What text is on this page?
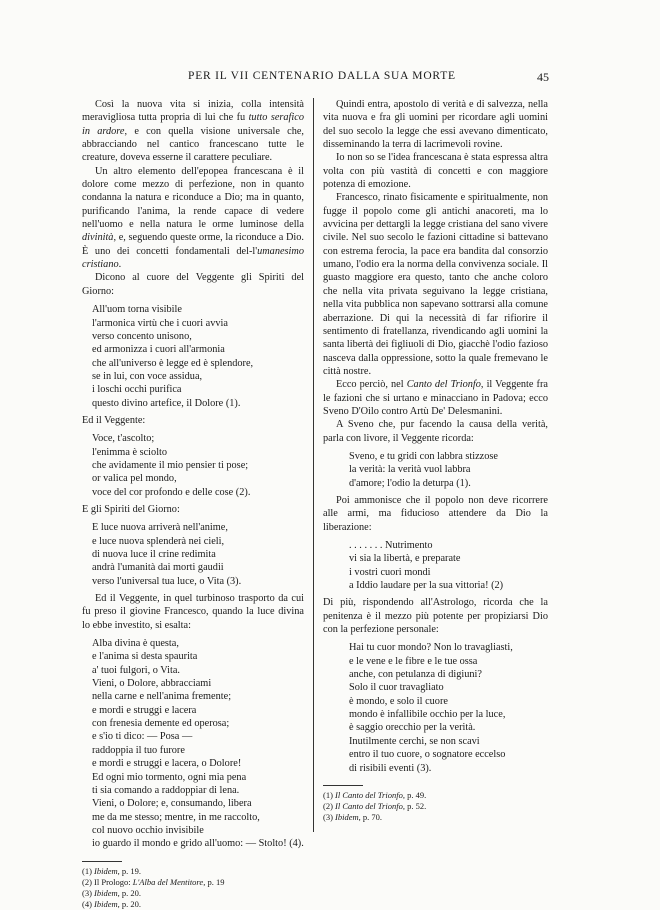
PER IL VII CENTENARIO DALLA SUA MORTE	45

Così la nuova vita si inizia, colla intensità meravigliosa tutta propria di lui che fu tutto serafico in ardore, e con quella visione universale che, abbracciando nel cantico francescano tutte le creature, doveva esserne il carattere peculiare.

Un altro elemento dell'epopea francescana è il dolore come mezzo di perfezione, non in quanto condanna la natura e riconduce a Dio; ma in quanto, purificando l'anima, la rende capace di vedere nell'uomo e nella natura le orme luminose della divinità, e, seguendo queste orme, la riconduce a Dio. È uno dei concetti fondamentali del-l'umanesimo cristiano.

Dicono al cuore del Veggente gli Spiriti del Giorno:

All'uom torna visibile
l'armonica virtù che i cuori avvia
verso concento unisono,
ed armonizza i cuori all'armonia
che all'universo è legge ed è splendore,
se in lui, con voce assidua,
i loschi occhi purifica
questo divino artefice, il Dolore (1).

Ed il Veggente:

Voce, t'ascolto;
l'enimma è sciolto
che avidamente il mio pensier ti pose;
or valica pel mondo,
voce del cor profondo e delle cose (2).

E gli Spiriti del Giorno:

E luce nuova arriverà nell'anime,
e luce nuova splenderà nei cieli,
di nuova luce il crine redimita
andrà l'umanità dai morti gaudii
verso l'universal tua luce, o Vita (3).

Ed il Veggente, in quel turbinoso trasporto da cui fu preso il giovine Francesco, quando la luce divina lo ebbe investito, si esalta:

Alba divina è questa,
e l'anima si desta spaurita
a' tuoi fulgori, o Vita.
Vieni, o Dolore, abbracciami
nella carne e nell'anima fremente;
e mordi e struggi e lacera
con frenesia demente ed operosa;
e s'io ti dico: — Posa —
raddoppia il tuo furore
e mordi e struggi e lacera, o Dolore!
Ed ogni mio tormento, ogni mia pena
ti sia comando a raddoppiar di lena.
Vieni, o Dolore; e, consumando, libera
me da me stesso; mentre, in me raccolto,
col nuovo occhio invisibile
io guardo il mondo e grido all'uomo: — Stolto! (4).
(1) Ibidem, p. 19.
(2) Il Prologo: L'Alba del Mentitore, p. 19
(3) Ibidem, p. 20.
(4) Ibidem, p. 20.

Quindi entra, apostolo di verità e di salvezza, nella vita nuova e fra gli uomini per ricordare agli uomini del suo secolo la legge che essi avevano dimenticato, disseminando la terra di lacrimevoli rovine.

Io non so se l'idea francescana è stata espressa altra volta con più vastità di concetti e con maggiore potenza di emozione.

Francesco, rinato fisicamente e spiritualmente, non fugge il popolo come gli antichi anacoreti, ma lo avvicina per dettargli la legge cristiana del sano vivere civile. Nel suo secolo le fazioni cittadine si battevano con estrema ferocia, la pace era bandita dal consorzio umano, l'odio era la norma della convivenza sociale. Il guasto maggiore era questo, tanto che anche coloro che nella vita privata seguivano la legge cristiana, nella vita pubblica non sapevano sottrarsi alla comune aberrazione. Di qui la necessità di far rifiorire il sentimento di fratellanza, rivendicando agli uomini la santa libertà dei figliuoli di Dio, giacchè l'odio fazioso nasceva dalla oppressione, sotto la quale fremevano le città nostre.

Ecco perciò, nel Canto del Trionfo, il Veggente fra le fazioni che si urtano e minacciano in Padova; ecco Sveno D'Oilo contro Artù De' Delesmanini.

A Sveno che, pur facendo la causa della verità, parla con livore, il Veggente ricorda:

Sveno, e tu gridi con labbra stizzose
la verità: la verità vuol labbra
d'amore; l'odio la deturpa (1).

Poi ammonisce che il popolo non deve ricorrere alle armi, ma fiducioso attendere da Dio la liberazione:

. . . . . . . Nutrimento
vi sia la libertà, e preparate
i vostri cuori mondi
a Iddio laudare per la sua vittoria! (2)

Di più, rispondendo all'Astrologo, ricorda che la penitenza è il mezzo più potente per propiziarsi Dio con la perfezione personale:

Hai tu cuor mondo? Non lo travagliasti,
e le vene e le fibre e le tue ossa
anche, con petulanza di digiuni?
Solo il cuor travagliato
è mondo, e solo il cuore
mondo è infallibile occhio per la luce,
è saggio orecchio per la verità.
Inutilmente cerchi, se non scavi
entro il tuo cuore, o sognatore eccelso
di risibili eventi (3).
(1) Il Canto del Trionfo, p. 49.
(2) Il Canto del Trionfo, p. 52.
(3) Ibidem, p. 70.
